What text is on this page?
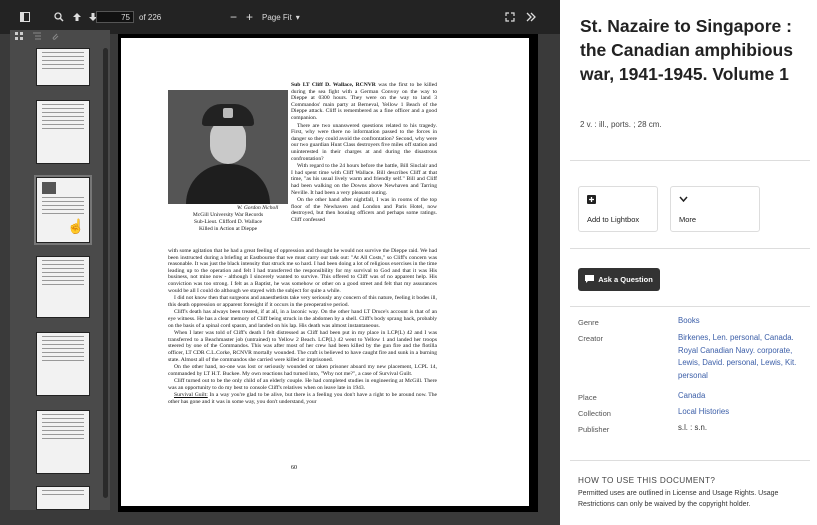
75	of 226	− + Page Fit ▾
☝
W. Gordon Nicholl
McGill University War Records
Sub-Lieut. Clifford D. Wallace
Killed in Action at Dieppe

Sub LT Cliff D. Wallace, RCNVR was the first to be killed during the sea fight with a German Convoy on the way to Dieppe at 0300 hours. They were on the way to land 3 Commandos' main party at Berneval, Yellow 1 Beach of the Dieppe attack. Cliff is remembered as a fine officer and a good companion.

There are two unanswered questions related to his tragedy. First, why were there no information passed to the forces in danger so they could avoid the confrontation? Second, why were our two guardian Hunt Class destroyers five miles off station and uninterested in their charges at and during the disastrous confrontation?

With regard to the 24 hours before the battle, Bill Sinclair and I had spent time with Cliff Wallace. Bill describes Cliff at that time, "as his usual lively warm and friendly self." Bill and Cliff had been walking on the Downs above Newhaven and Tarring Neville. It had been a very pleasant outing.

On the other hand after nightfall, I was in rooms of the top floor of the Newhaven and London and Paris Hotel, now destroyed, but then housing officers and perhaps some ratings. Cliff confessed

with some agitation that he had a great feeling of oppression and thought he would not survive the Dieppe raid. We had been instructed during a briefing at Eastbourne that we must carry our task out: "At All Costs," so Cliff's concern was reasonable. It was just the black intensity that struck me so hard. I had been doing a lot of religious exercises in the time leading up to the operation and felt I had transferred the responsibility for my survival to God and that it was His business, not mine now - although I sincerely wanted to survive. This offered to Cliff was of no apparent help. His conviction was too strong. I felt as a Baptist, he was somehow or other on a good street and felt that my assurances would be all I could do although we stayed with the subject for quite a while.

I did not know then that surgeons and anaesthetists take very seriously any concern of this nature, feeling it bodes ill, this death oppression or apparent foresight if it occurs in the preoperative period.

Cliff's death has always been treated, if at all, in a laconic way. On the other hand LT Druce's account is that of an eye witness. He has a clear memory of Cliff being struck in the abdomen by a shell. Cliff's body sprang back, probably on the basis of a spinal cord spasm, and landed on his lap. His death was almost instantaneous.

When I later was told of Cliff's death I felt distressed as Cliff had been put in my place in LCP(L) 42 and I was transferred to a Beachmaster job (untrained) to Yellow 2 Beach. LCP(L) 42 went to Yellow 1 and landed her troops steered by one of the Commandos. This was after most of her crew had been killed by the gun fire and the flotilla officer, LT CDR C.L.Corke, RCNVR mortally wounded. The craft is believed to have caught fire and sunk in a burning state. Almost all of the commandos she carried were killed or imprisoned.

On the other hand, no-one was lost or seriously wounded or taken prisoner aboard my new placement, LCPL 14, commanded by LT H.T. Buckee. My own reactions had turned into, "Why not me?", a case of Survival Guilt.

Cliff turned out to be the only child of an elderly couple. He had completed studies in engineering at McGill. There was an opportunity to do my best to console Cliff's relatives when on leave late in 1943.

Survival Guilt: In a way you're glad to be alive, but there is a feeling you don't have a right to be around now. The other has gone and it was in some way, you don't understand, your

60
St. Nazaire to Singapore : the Canadian amphibious war, 1941-1945. Volume 1
2 v. : ill., ports. ; 28 cm.
Add to Lightbox	More
Ask a Question
Genre	Books
Creator	Birkenes, Len. personal, Canada. Royal Canadian Navy. corporate, Lewis, David. personal, Lewis, Kit. personal
Place	Canada
Collection	Local Histories
Publisher	s.l. : s.n.
HOW TO USE THIS DOCUMENT?
Permitted uses are outlined in License and Usage Rights. Usage Restrictions can only be waived by the copyright holder.
